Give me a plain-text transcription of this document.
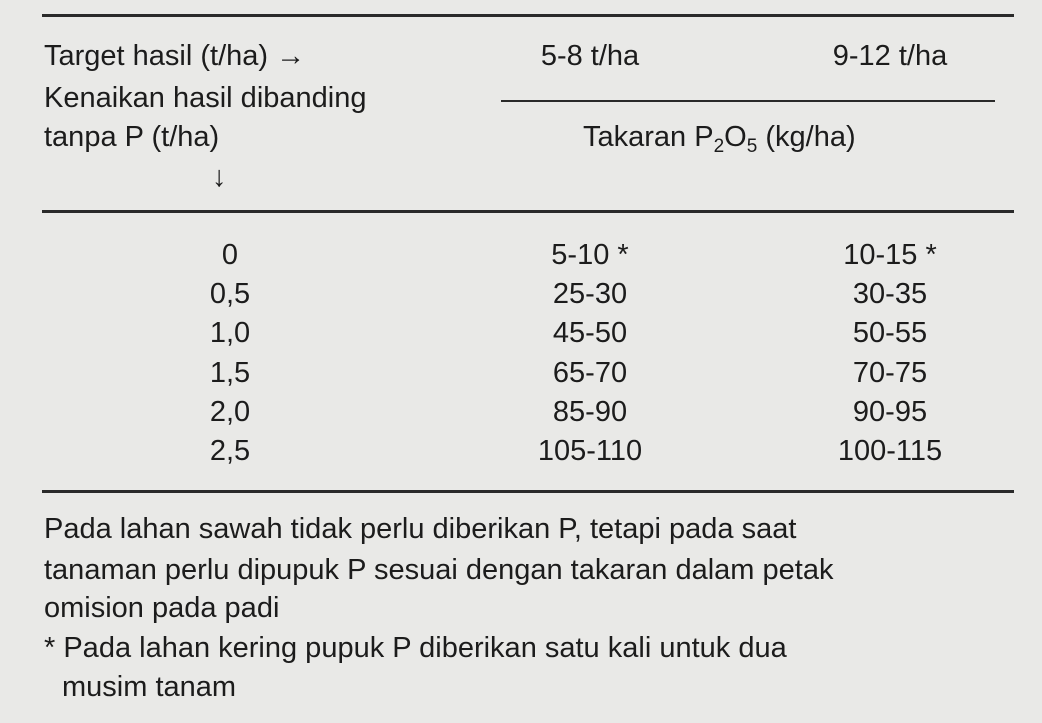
Target hasil (t/ha) →
Kenaikan hasil dibanding
tanpa P (t/ha)
↓
5-8 t/ha	9-12 t/ha
Takaran $P_2O_5$ (kg/ha)
0	5-10 *	10-15 *
0,5	25-30	30-35
1,0	45-50	50-55
1,5	65-70	70-75
2,0	85-90	90-95
2,5	105-110	100-115
Pada lahan sawah tidak perlu diberikan P, tetapi pada saat
tanaman perlu dipupuk P sesuai dengan takaran dalam petak
omision pada padi
* Pada lahan kering pupuk P diberikan satu kali untuk dua
musim tanam
